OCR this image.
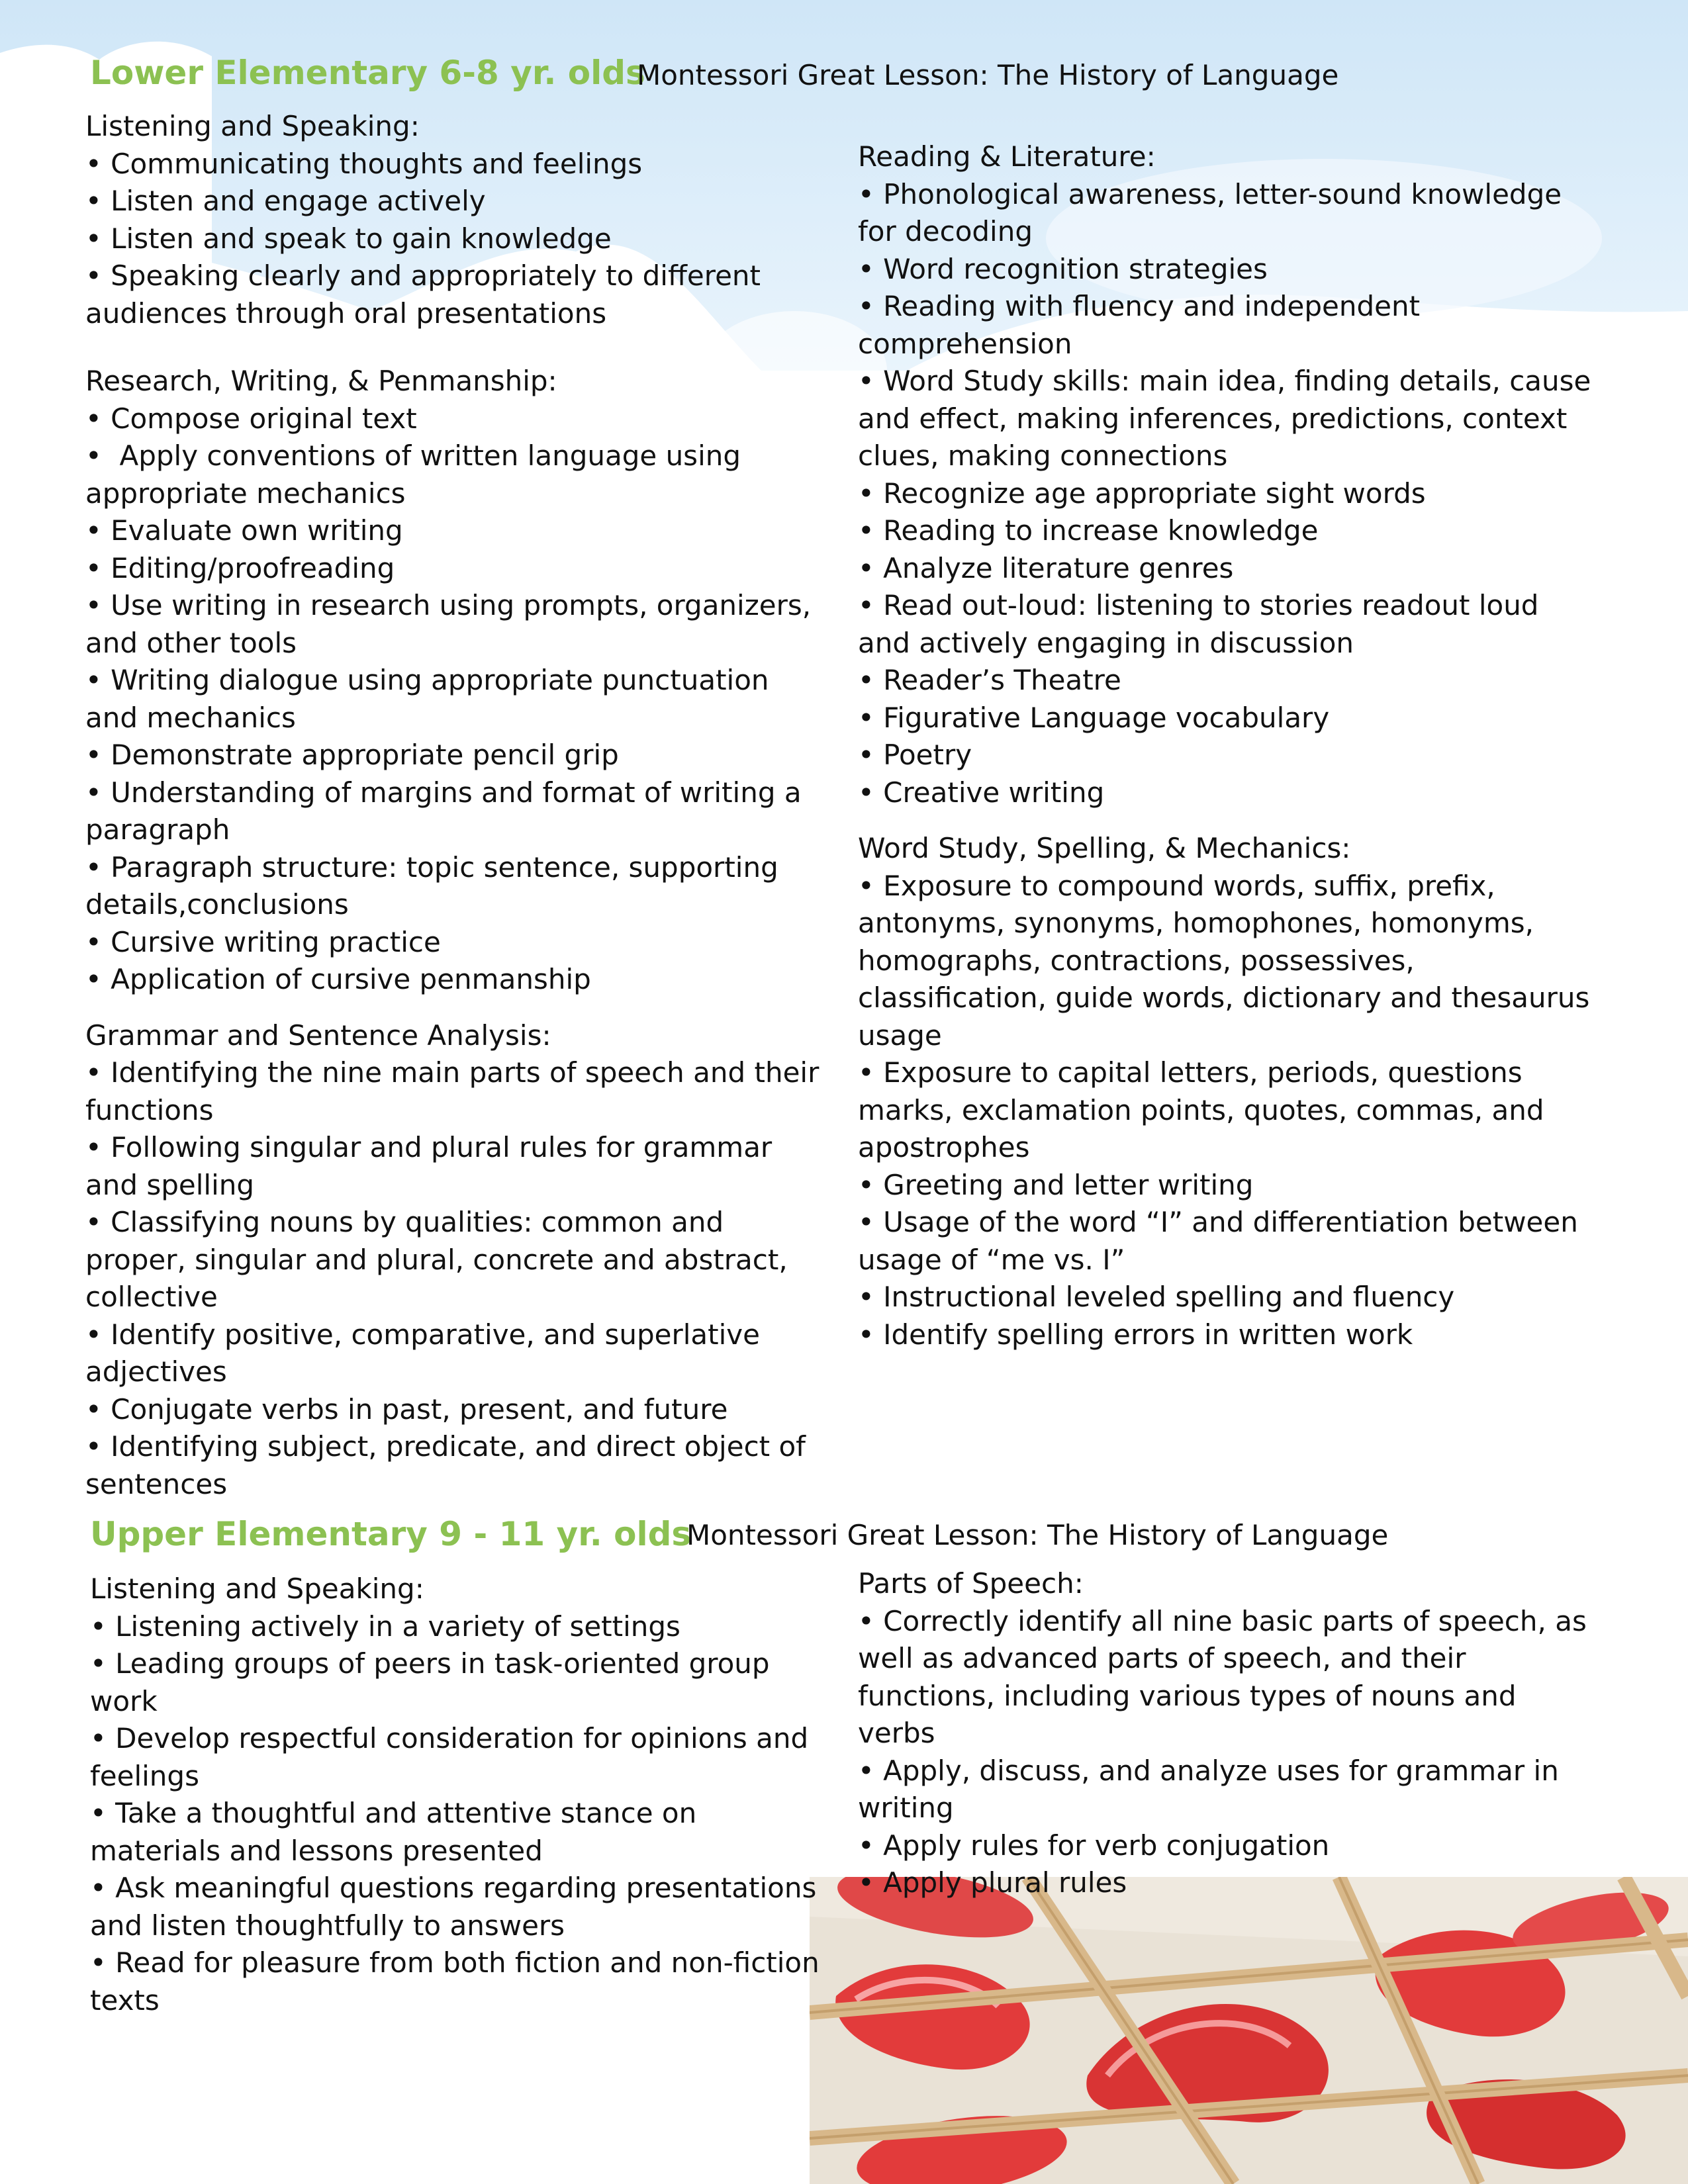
Lower Elementary 6-8 yr. olds

Montessori Great Lesson: The History of Language

Listening and Speaking:
• Communicating thoughts and feelings
• Listen and engage actively
• Listen and speak to gain knowledge
• Speaking clearly and appropriately to different audiences through oral presentations
Research, Writing, & Penmanship:
• Compose original text
•  Apply conventions of written language using appropriate mechanics
• Evaluate own writing
• Editing/proofreading
• Use writing in research using prompts, organizers, and other tools
• Writing dialogue using appropriate punctuation and mechanics
• Demonstrate appropriate pencil grip
• Understanding of margins and format of writing a paragraph
• Paragraph structure: topic sentence, supporting details,conclusions
• Cursive writing practice
• Application of cursive penmanship
Grammar and Sentence Analysis:
• Identifying the nine main parts of speech and their functions
• Following singular and plural rules for grammar and spelling
• Classifying nouns by qualities: common and proper, singular and plural, concrete and abstract, collective
• Identify positive, comparative, and superlative adjectives
• Conjugate verbs in past, present, and future
• Identifying subject, predicate, and direct object of sentences
Reading & Literature:
• Phonological awareness, letter-sound knowledge for decoding
• Word recognition strategies
• Reading with fluency and independent comprehension
• Word Study skills: main idea, finding details, cause and effect, making inferences, predictions, context clues, making connections
• Recognize age appropriate sight words
• Reading to increase knowledge
• Analyze literature genres
• Read out-loud: listening to stories readout loud and actively engaging in discussion
• Reader’s Theatre
• Figurative Language vocabulary
• Poetry
• Creative writing
Word Study, Spelling, & Mechanics:
• Exposure to compound words, suffix, prefix, antonyms, synonyms, homophones, homonyms, homographs, contractions, possessives, classification, guide words, dictionary and thesaurus usage
• Exposure to capital letters, periods, questions marks, exclamation points, quotes, commas, and apostrophes
• Greeting and letter writing
• Usage of the word “I” and differentiation between usage of “me vs. I”
• Instructional leveled spelling and fluency
• Identify spelling errors in written work
Upper Elementary 9 - 11 yr. olds

Montessori Great Lesson: The History of Language

Listening and Speaking:
• Listening actively in a variety of settings
• Leading groups of peers in task-oriented group work
• Develop respectful consideration for opinions and feelings
• Take a thoughtful and attentive stance on materials and lessons presented
• Ask meaningful questions regarding presentations and listen thoughtfully to answers
• Read for pleasure from both fiction and non-fiction texts
Parts of Speech:
• Correctly identify all nine basic parts of speech, as well as advanced parts of speech, and their functions, including various types of nouns and verbs
• Apply, discuss, and analyze uses for grammar in writing
• Apply rules for verb conjugation
• Apply plural rules
